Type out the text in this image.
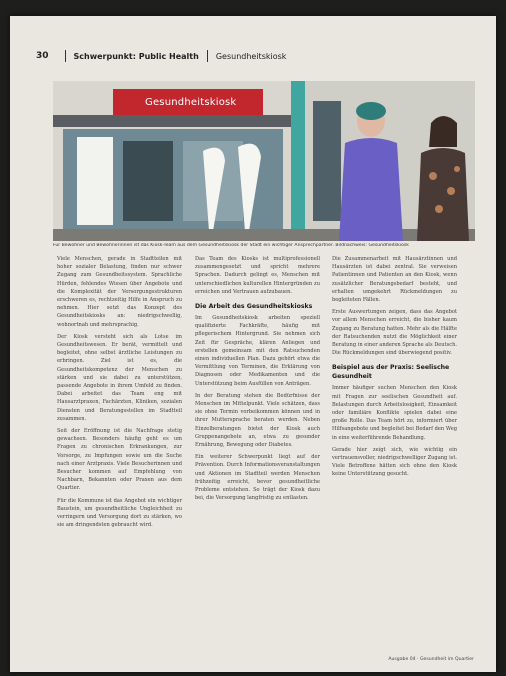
30	Schwerpunkt: Public Health Gesundheitskiosk
Gesundheitskiosk
Für Bewohner und Bewohnerinnen ist das Kiosk-Team aus dem Gesundheitskiosk der Stadt ein wichtiger Ansprechpartner. Bildnachweis: Gesundheitskiosk

Viele Menschen, gerade in Stadtteilen mit hoher sozialer Belastung, finden nur schwer Zugang zum Gesundheitssystem. Sprachliche Hürden, fehlendes Wissen über Angebote und die Komplexität der Versorgungsstrukturen erschweren es, rechtzeitig Hilfe in Anspruch zu nehmen. Hier setzt das Konzept des Gesundheitskiosks an: niedrigschwellig, wohnortnah und mehrsprachig.

Der Kiosk versteht sich als Lotse im Gesundheitswesen. Er berät, vermittelt und begleitet, ohne selbst ärztliche Leistungen zu erbringen. Ziel ist es, die Gesundheitskompetenz der Menschen zu stärken und sie dabei zu unterstützen, passende Angebote in ihrem Umfeld zu finden. Dabei arbeitet das Team eng mit Hausarztpraxen, Fachärzten, Kliniken, sozialen Diensten und Beratungsstellen im Stadtteil zusammen.

Seit der Eröffnung ist die Nachfrage stetig gewachsen. Besonders häufig geht es um Fragen zu chronischen Erkrankungen, zur Vorsorge, zu Impfungen sowie um die Suche nach einer Arztpraxis. Viele Besucherinnen und Besucher kommen auf Empfehlung von Nachbarn, Bekannten oder Praxen aus dem Quartier.

Für die Kommune ist das Angebot ein wichtiger Baustein, um gesundheitliche Ungleichheit zu verringern und Versorgung dort zu stärken, wo sie am dringendsten gebraucht wird.

Das Team des Kiosks ist multiprofessionell zusammengesetzt und spricht mehrere Sprachen. Dadurch gelingt es, Menschen mit unterschiedlichen kulturellen Hintergründen zu erreichen und Vertrauen aufzubauen.

Die Arbeit des Gesundheitskiosks

Im Gesundheitskiosk arbeiten speziell qualifizierte Fachkräfte, häufig mit pflegerischem Hintergrund. Sie nehmen sich Zeit für Gespräche, klären Anliegen und erstellen gemeinsam mit den Ratsuchenden einen individuellen Plan. Dazu gehört etwa die Vermittlung von Terminen, die Erklärung von Diagnosen oder Medikamenten und die Unterstützung beim Ausfüllen von Anträgen.

In der Beratung stehen die Bedürfnisse der Menschen im Mittelpunkt. Viele schätzen, dass sie ohne Termin vorbeikommen können und in ihrer Muttersprache beraten werden. Neben Einzelberatungen bietet der Kiosk auch Gruppenangebote an, etwa zu gesunder Ernährung, Bewegung oder Diabetes.

Ein weiterer Schwerpunkt liegt auf der Prävention. Durch Informationsveranstaltungen und Aktionen im Stadtteil werden Menschen frühzeitig erreicht, bevor gesundheitliche Probleme entstehen. So trägt der Kiosk dazu bei, die Versorgung langfristig zu entlasten.

Die Zusammenarbeit mit Hausärztinnen und Hausärzten ist dabei zentral. Sie verweisen Patientinnen und Patienten an den Kiosk, wenn zusätzlicher Beratungsbedarf besteht, und erhalten umgekehrt Rückmeldungen zu begleiteten Fällen.

Erste Auswertungen zeigen, dass das Angebot vor allem Menschen erreicht, die bisher kaum Zugang zu Beratung hatten. Mehr als die Hälfte der Ratsuchenden nutzt die Möglichkeit einer Beratung in einer anderen Sprache als Deutsch. Die Rückmeldungen sind überwiegend positiv.

Beispiel aus der Praxis: Seelische Gesundheit

Immer häufiger suchen Menschen den Kiosk mit Fragen zur seelischen Gesundheit auf. Belastungen durch Arbeitslosigkeit, Einsamkeit oder familiäre Konflikte spielen dabei eine große Rolle. Das Team hört zu, informiert über Hilfsangebote und begleitet bei Bedarf den Weg in eine weiterführende Behandlung.

Gerade hier zeigt sich, wie wichtig ein vertrauensvoller, niedrigschwelliger Zugang ist. Viele Betroffene hätten sich ohne den Kiosk keine Unterstützung gesucht.

Ausgabe 04 · Gesundheit im Quartier
